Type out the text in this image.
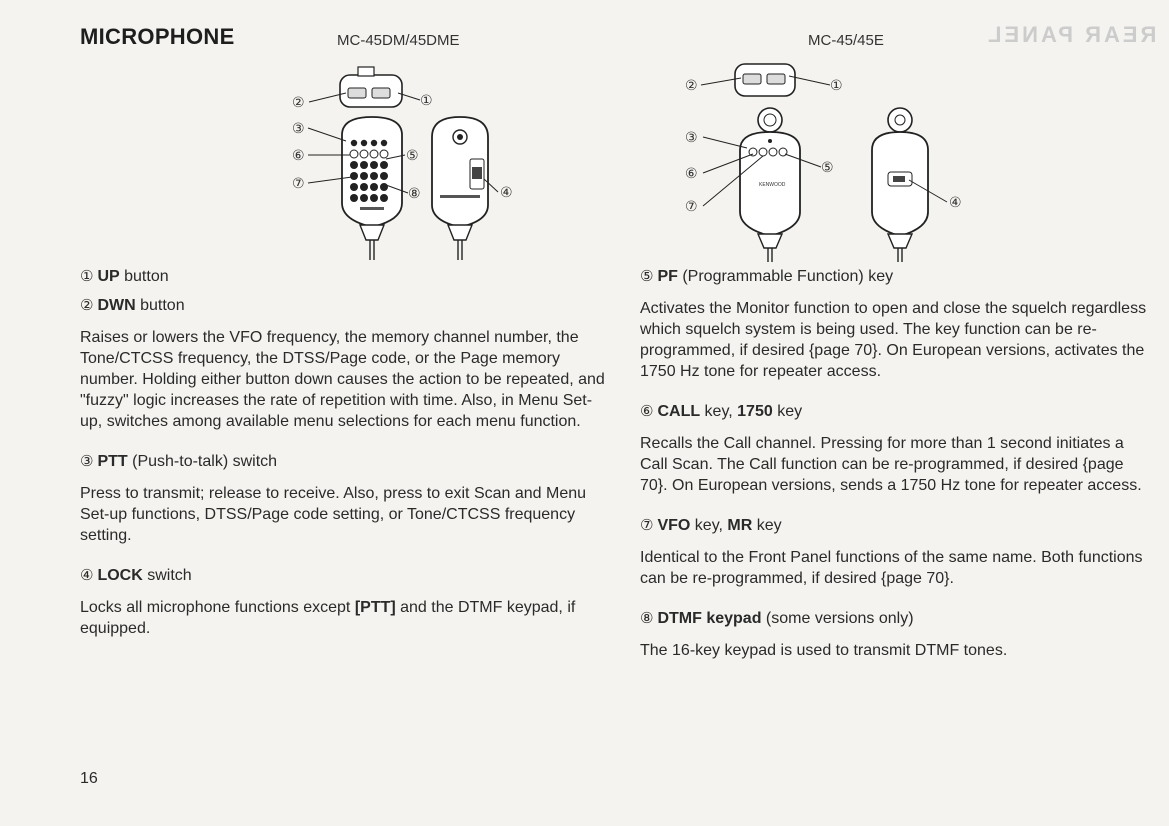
MICROPHONE	MC-45DM/45DME	MC-45/45E	REAR PANEL
②	①
③
⑥
⑦
⑤
⑧	④	KENWOOD
②	①
③
⑥
⑦
⑤
④
① UP button
② DWN button
Raises or lowers the VFO frequency, the memory channel number, the Tone/CTCSS frequency, the DTSS/Page code, or the Page memory number. Holding either button down causes the action to be repeated, and "fuzzy" logic increases the rate of repetition with time. Also, in Menu Set-up, switches among available menu selections for each menu function.
③ PTT (Push-to-talk) switch
Press to transmit; release to receive. Also, press to exit Scan and Menu Set-up functions, DTSS/Page code setting, or Tone/CTCSS frequency setting.
④ LOCK switch
Locks all microphone functions except [PTT] and the DTMF keypad, if equipped.
⑤ PF (Programmable Function) key
Activates the Monitor function to open and close the squelch regardless which squelch system is being used. The key function can be re-programmed, if desired {page 70}. On European versions, activates the 1750 Hz tone for repeater access.
⑥ CALL key, 1750 key
Recalls the Call channel. Pressing for more than 1 second initiates a Call Scan. The Call function can be re-programmed, if desired {page 70}. On European versions, sends a 1750 Hz tone for repeater access.
⑦ VFO key, MR key
Identical to the Front Panel functions of the same name. Both functions can be re-programmed, if desired {page 70}.
⑧ DTMF keypad (some versions only)
The 16-key keypad is used to transmit DTMF tones.
16
